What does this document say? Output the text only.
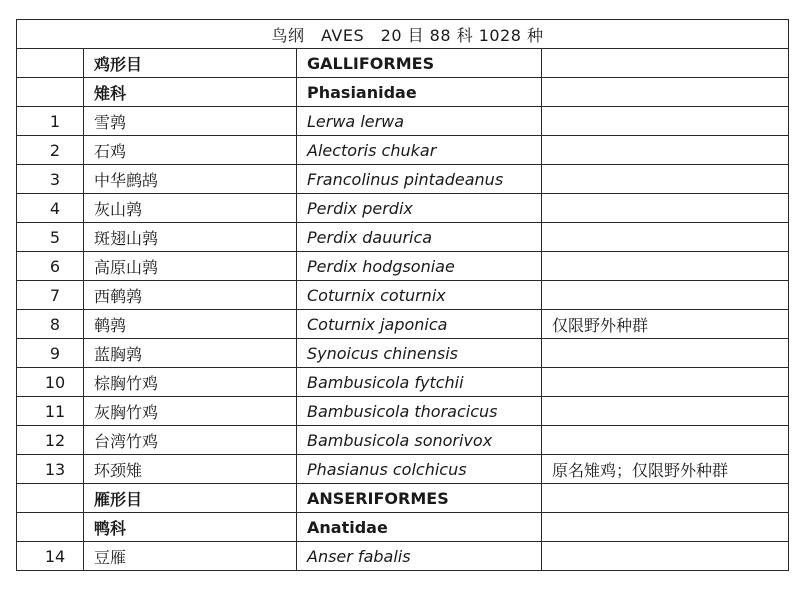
鸟纲　AVES　20 目 88 科 1028 种			
	鸡形目	GALLIFORMES	
	雉科	Phasianidae	
1	雪鹑	Lerwa lerwa	
2	石鸡	Alectoris chukar	
3	中华鹧鸪	Francolinus pintadeanus	
4	灰山鹑	Perdix perdix	
5	斑翅山鹑	Perdix dauurica	
6	高原山鹑	Perdix hodgsoniae	
7	西鹌鹑	Coturnix coturnix	
8	鹌鹑	Coturnix japonica	仅限野外种群
9	蓝胸鹑	Synoicus chinensis	
10	棕胸竹鸡	Bambusicola fytchii	
11	灰胸竹鸡	Bambusicola thoracicus	
12	台湾竹鸡	Bambusicola sonorivox	
13	环颈雉	Phasianus colchicus	原名雉鸡；仅限野外种群
	雁形目	ANSERIFORMES	
	鸭科	Anatidae	
14	豆雁	Anser fabalis	
